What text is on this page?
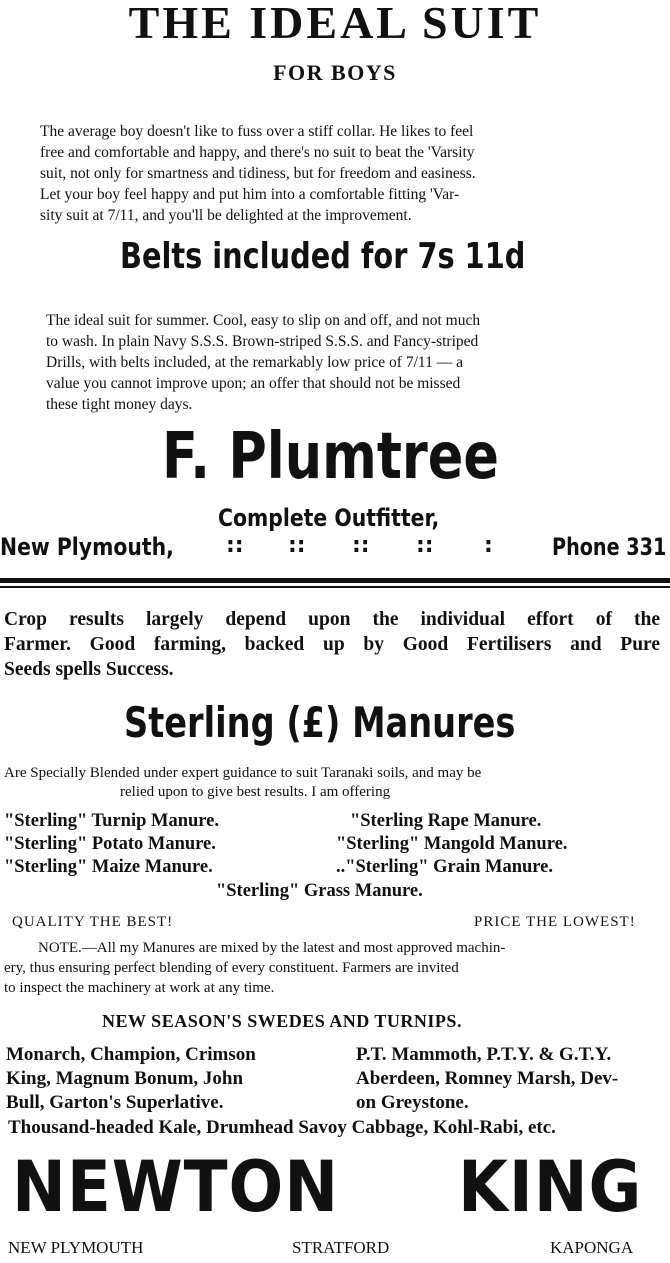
THE IDEAL SUIT
FOR BOYS

The average boy doesn't like to fuss over a stiff collar. He likes to feel

free and comfortable and happy, and there's no suit to beat the 'Varsity

suit, not only for smartness and tidiness, but for freedom and easiness.

Let your boy feel happy and put him into a comfortable fitting 'Var-

sity suit at 7/11, and you'll be delighted at the improvement.

Belts included for 7s 11d

The ideal suit for summer. Cool, easy to slip on and off, and not much

to wash. In plain Navy S.S.S. Brown-striped S.S.S. and Fancy-striped

Drills, with belts included, at the remarkably low price of 7/11 — a

value you cannot improve upon; an offer that should not be missed

these tight money days.

F. Plumtree
Complete Outfitter,
New Plymouth, :: :: :: :: : Phone 331

Crop results largely depend upon the individual effort of the

Farmer. Good farming, backed up by Good Fertilisers and Pure

Seeds spells Success.

Sterling (£) Manures
Are Specially Blended under expert guidance to suit Taranaki soils, and may be
relied upon to give best results. I am offering
"Sterling" Turnip Manure.
"Sterling" Potato Manure.
"Sterling" Maize Manure.
"Sterling Rape Manure.
"Sterling" Mangold Manure.
.."Sterling" Grain Manure.
"Sterling" Grass Manure.
QUALITY THE BEST!	PRICE THE LOWEST!

NOTE.—All my Manures are mixed by the latest and most approved machin-

ery, thus ensuring perfect blending of every constituent. Farmers are invited

to inspect the machinery at work at any time.

NEW SEASON'S SWEDES AND TURNIPS.
Monarch, Champion, Crimson
King, Magnum Bonum, John
Bull, Garton's Superlative.
P.T. Mammoth, P.T.Y. & G.T.Y.
Aberdeen, Romney Marsh, Dev-
on Greystone.
Thousand-headed Kale, Drumhead Savoy Cabbage, Kohl-Rabi, etc.
NEWTON KING
NEW PLYMOUTH	STRATFORD	KAPONGA
